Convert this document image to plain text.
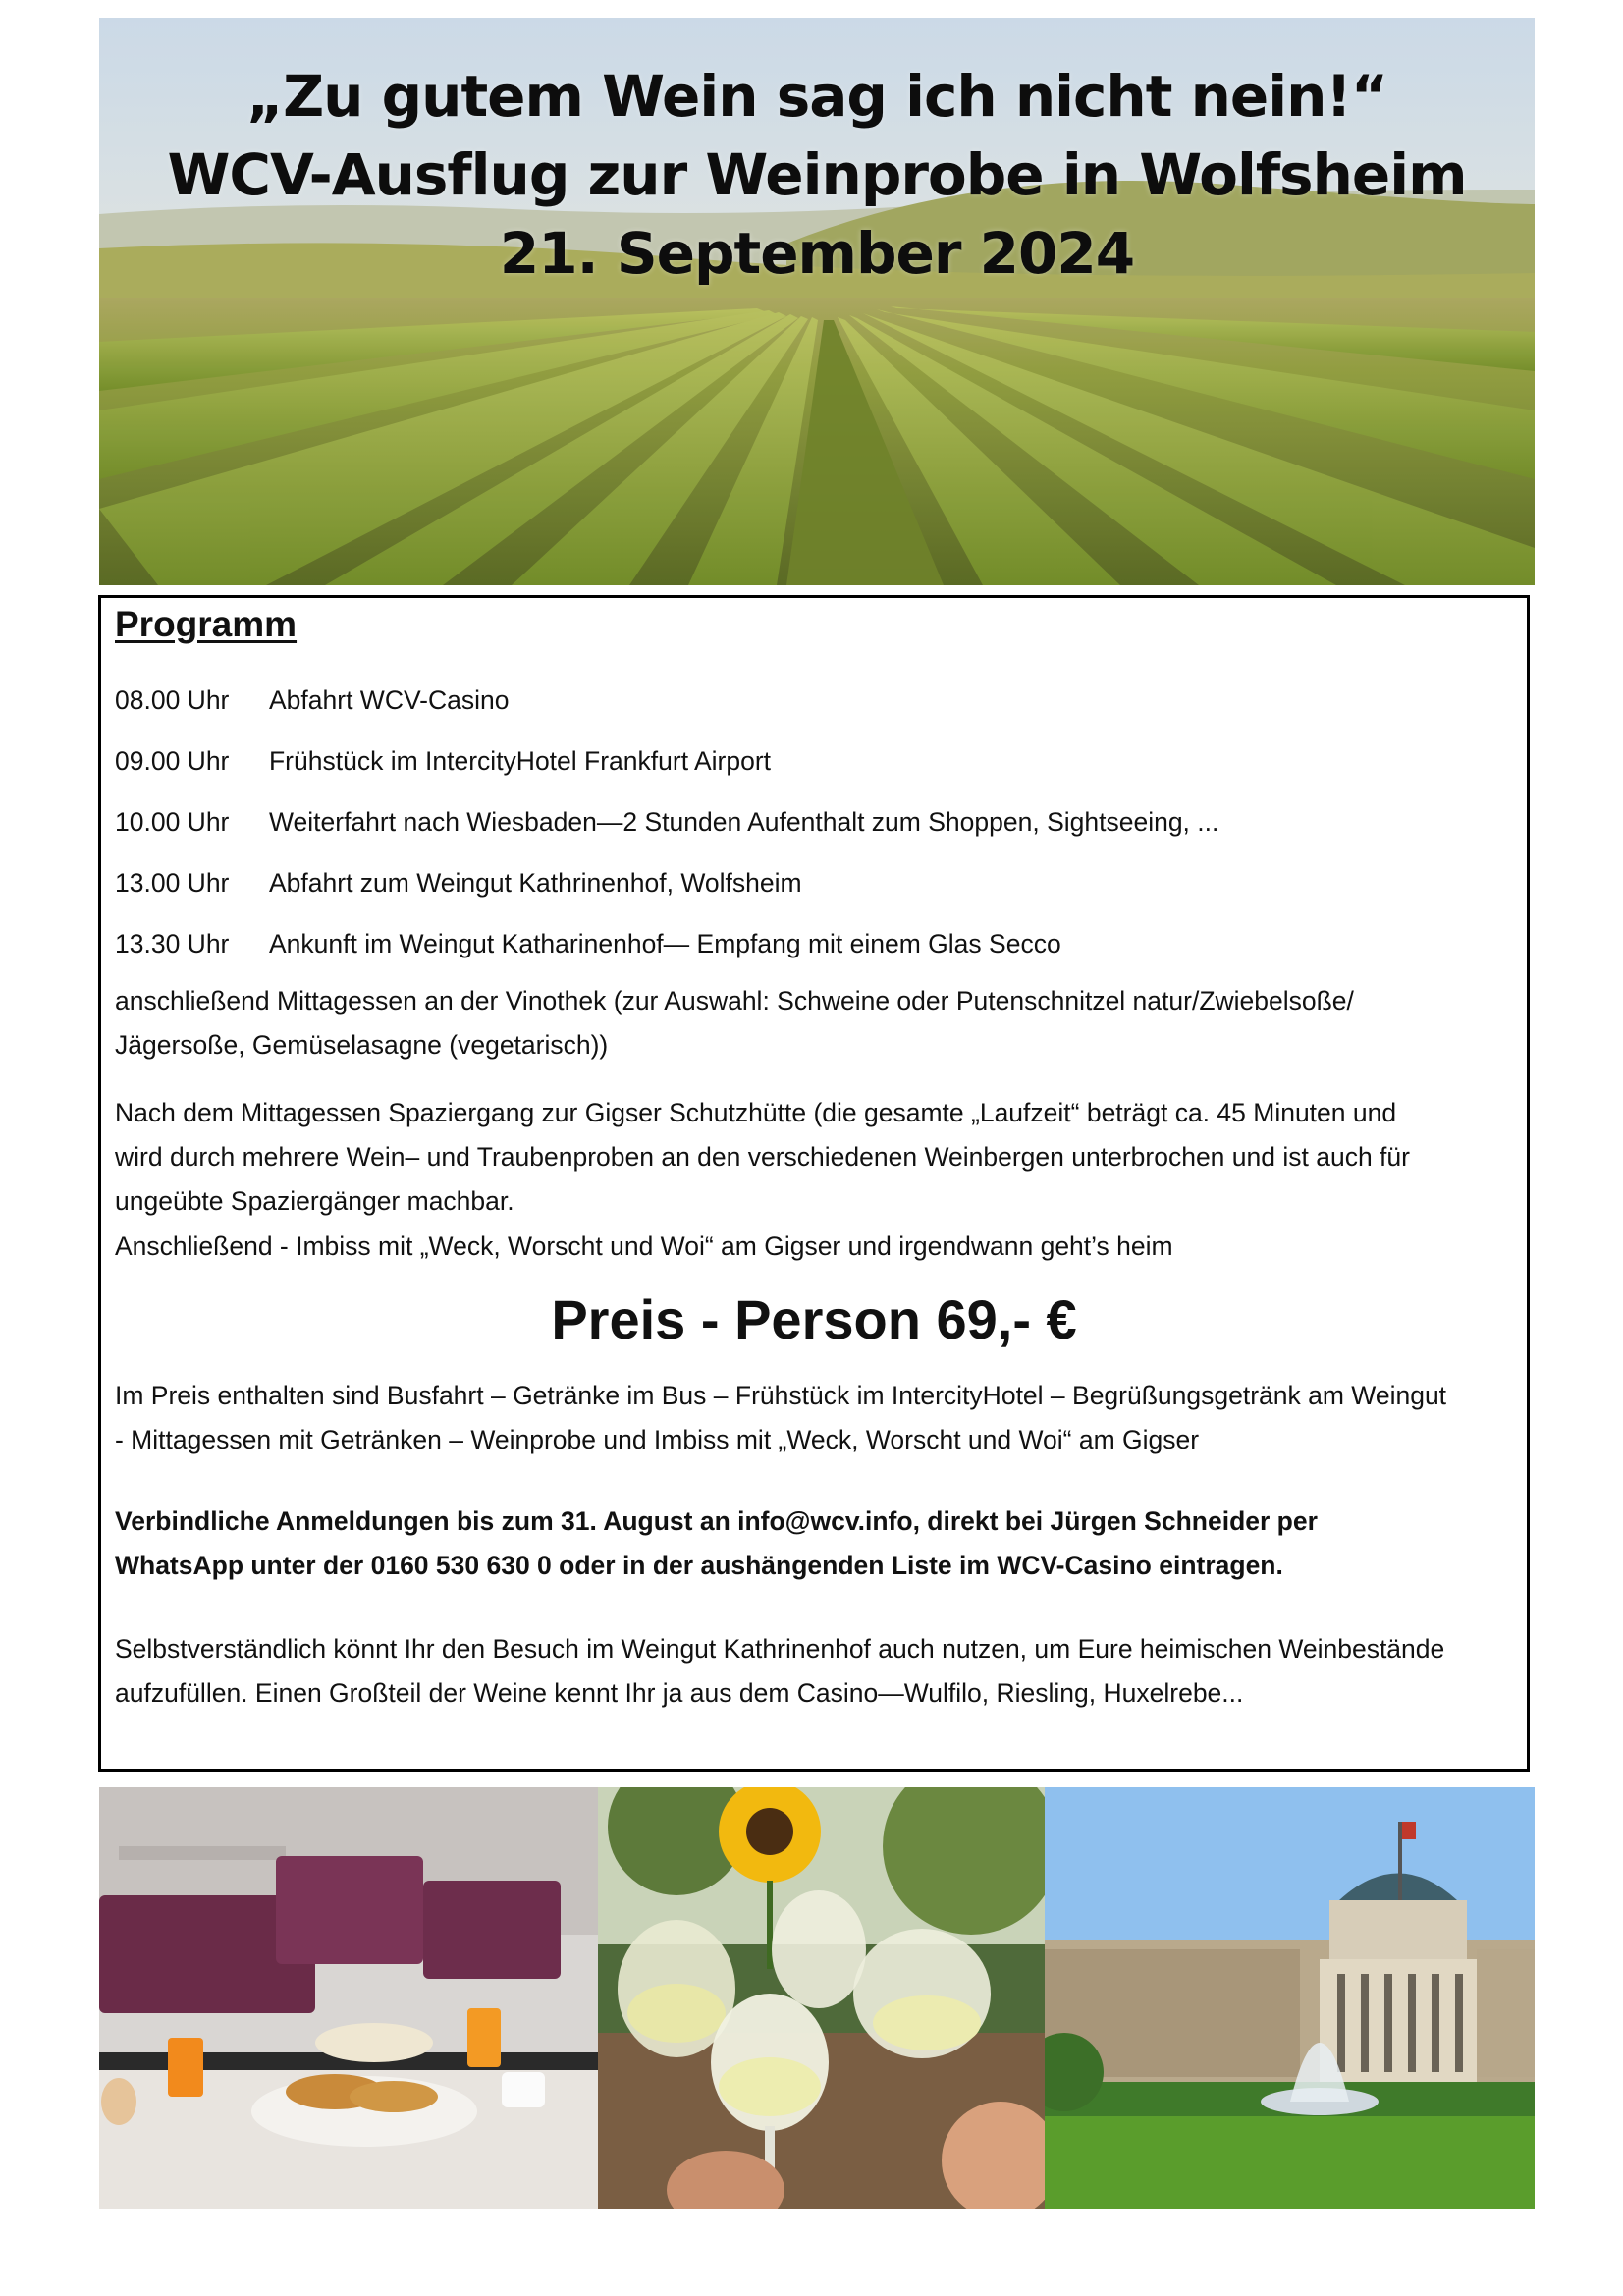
„Zu gutem Wein sag ich nicht nein!“
WCV-Ausflug zur Weinprobe in Wolfsheim
21. September 2024
Programm
08.00 Uhr	Abfahrt WCV-Casino
09.00 Uhr	Frühstück im IntercityHotel Frankfurt Airport
10.00 Uhr	Weiterfahrt nach Wiesbaden—2 Stunden Aufenthalt zum Shoppen, Sightseeing, ...
13.00 Uhr	Abfahrt zum Weingut Kathrinenhof, Wolfsheim
13.30 Uhr	Ankunft im Weingut Katharinenhof— Empfang mit einem Glas Secco
anschließend Mittagessen an der Vinothek (zur Auswahl: Schweine oder Putenschnitzel natur/Zwiebelsoße/
Jägersoße, Gemüselasagne (vegetarisch))
Nach dem Mittagessen Spaziergang zur Gigser Schutzhütte (die gesamte „Laufzeit“ beträgt ca. 45 Minuten und
wird durch mehrere Wein– und Traubenproben an den verschiedenen Weinbergen unterbrochen und ist auch für
ungeübte Spaziergänger machbar.
Anschließend - Imbiss mit „Weck, Worscht und Woi“ am Gigser und irgendwann geht’s heim
Preis - Person 69,- €
Im Preis enthalten sind Busfahrt – Getränke im Bus – Frühstück im IntercityHotel – Begrüßungsgetränk am Weingut
- Mittagessen mit Getränken – Weinprobe und Imbiss mit „Weck, Worscht und Woi“ am Gigser
Verbindliche Anmeldungen bis zum 31. August an info@wcv.info, direkt bei Jürgen Schneider per
WhatsApp unter der 0160 530 630 0 oder in der aushängenden Liste im WCV-Casino eintragen.
Selbstverständlich könnt Ihr den Besuch im Weingut Kathrinenhof auch nutzen, um Eure heimischen Weinbestände
aufzufüllen. Einen Großteil der Weine kennt Ihr ja aus dem Casino—Wulfilo, Riesling, Huxelrebe...
